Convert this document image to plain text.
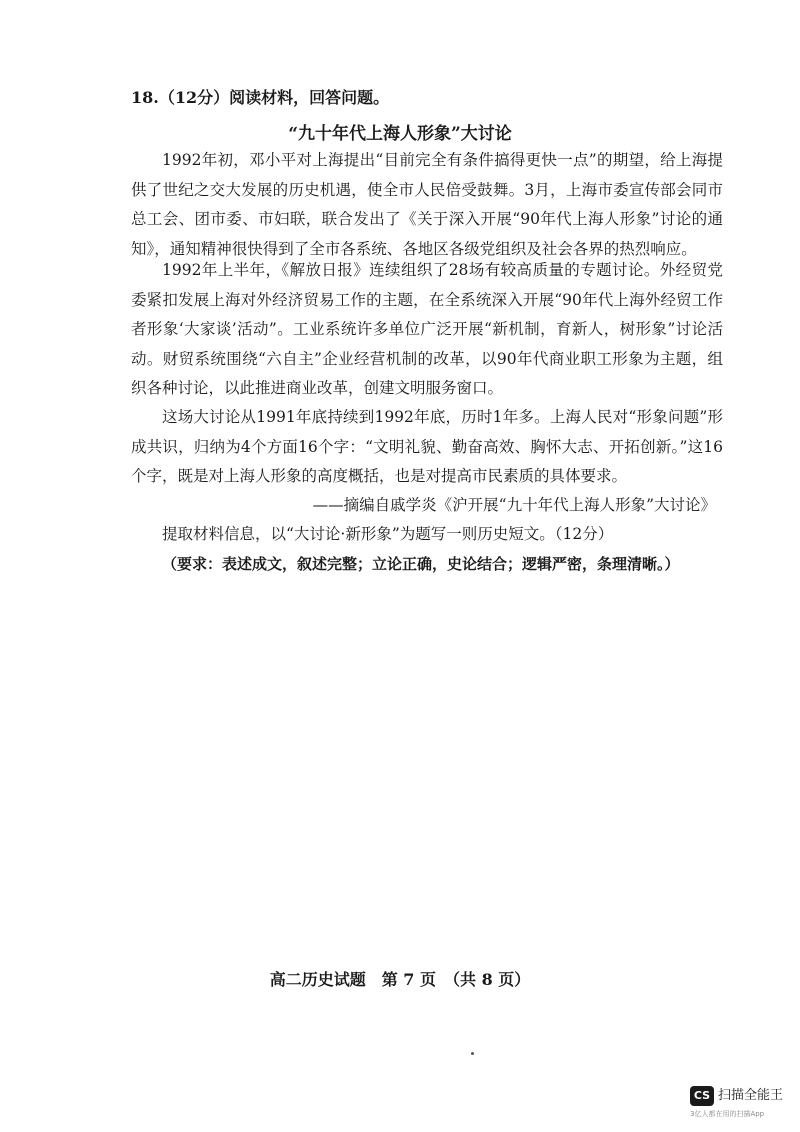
18.（12分）阅读材料，回答问题。
“九十年代上海人形象”大讨论

1992年初，邓小平对上海提出“目前完全有条件搞得更快一点”的期望，给上海提供了世纪之交大发展的历史机遇，使全市人民倍受鼓舞。3月，上海市委宣传部会同市总工会、团市委、市妇联，联合发出了《关于深入开展“90年代上海人形象”讨论的通知》，通知精神很快得到了全市各系统、各地区各级党组织及社会各界的热烈响应。

1992年上半年，《解放日报》连续组织了28场有较高质量的专题讨论。外经贸党委紧扣发展上海对外经济贸易工作的主题，在全系统深入开展“90年代上海外经贸工作者形象‘大家谈’活动”。工业系统许多单位广泛开展“新机制，育新人，树形象”讨论活动。财贸系统围绕“六自主”企业经营机制的改革，以90年代商业职工形象为主题，组织各种讨论，以此推进商业改革，创建文明服务窗口。

这场大讨论从1991年底持续到1992年底，历时1年多。上海人民对“形象问题”形成共识，归纳为4个方面16个字：“文明礼貌、勤奋高效、胸怀大志、开拓创新。”这16个字，既是对上海人形象的高度概括，也是对提高市民素质的具体要求。

——摘编自戚学炎《沪开展“九十年代上海人形象”大讨论》
提取材料信息，以“大讨论·新形象”为题写一则历史短文。（12分）
（要求：表述成文，叙述完整；立论正确，史论结合；逻辑严密，条理清晰。）
高二历史试题　第 7 页　（共 8 页）
CS 扫描全能王
3亿人都在用的扫描App
